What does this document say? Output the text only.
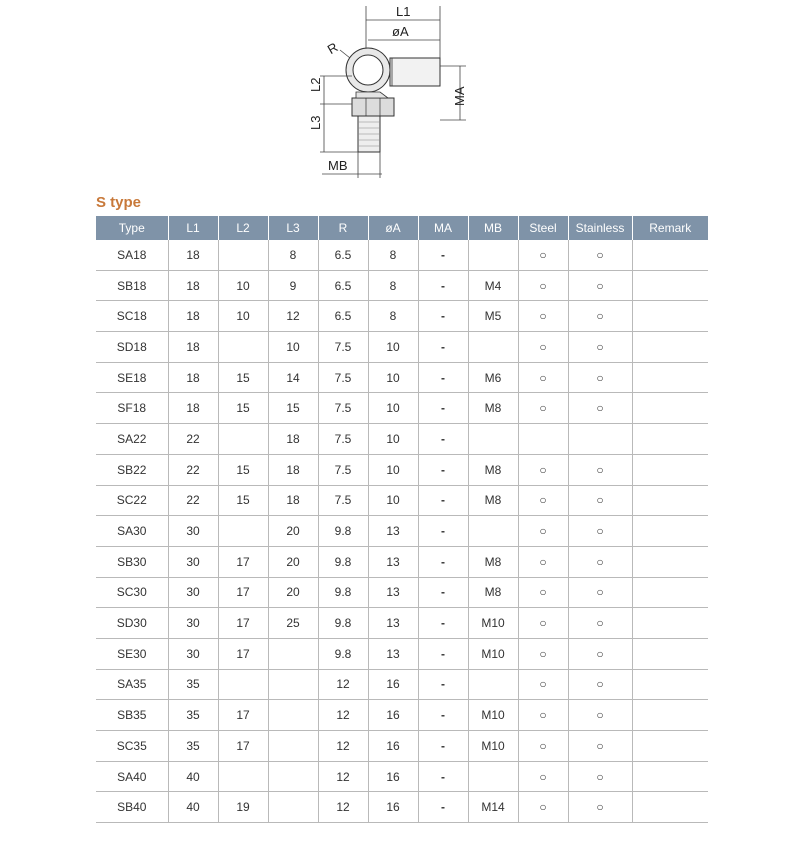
L1
øA
R
L2
L3
MA
MB
S type
Type	L1	L2	L3	R	øA	MA	MB	Steel	Stainless	Remark
SA18	18		8	6.5	8	-		○	○	
SB18	18	10	9	6.5	8	-	M4	○	○	
SC18	18	10	12	6.5	8	-	M5	○	○	
SD18	18		10	7.5	10	-		○	○	
SE18	18	15	14	7.5	10	-	M6	○	○	
SF18	18	15	15	7.5	10	-	M8	○	○	
SA22	22		18	7.5	10	-				
SB22	22	15	18	7.5	10	-	M8	○	○	
SC22	22	15	18	7.5	10	-	M8	○	○	
SA30	30		20	9.8	13	-		○	○	
SB30	30	17	20	9.8	13	-	M8	○	○	
SC30	30	17	20	9.8	13	-	M8	○	○	
SD30	30	17	25	9.8	13	-	M10	○	○	
SE30	30	17		9.8	13	-	M10	○	○	
SA35	35			12	16	-		○	○	
SB35	35	17		12	16	-	M10	○	○	
SC35	35	17		12	16	-	M10	○	○	
SA40	40			12	16	-		○	○	
SB40	40	19		12	16	-	M14	○	○	
